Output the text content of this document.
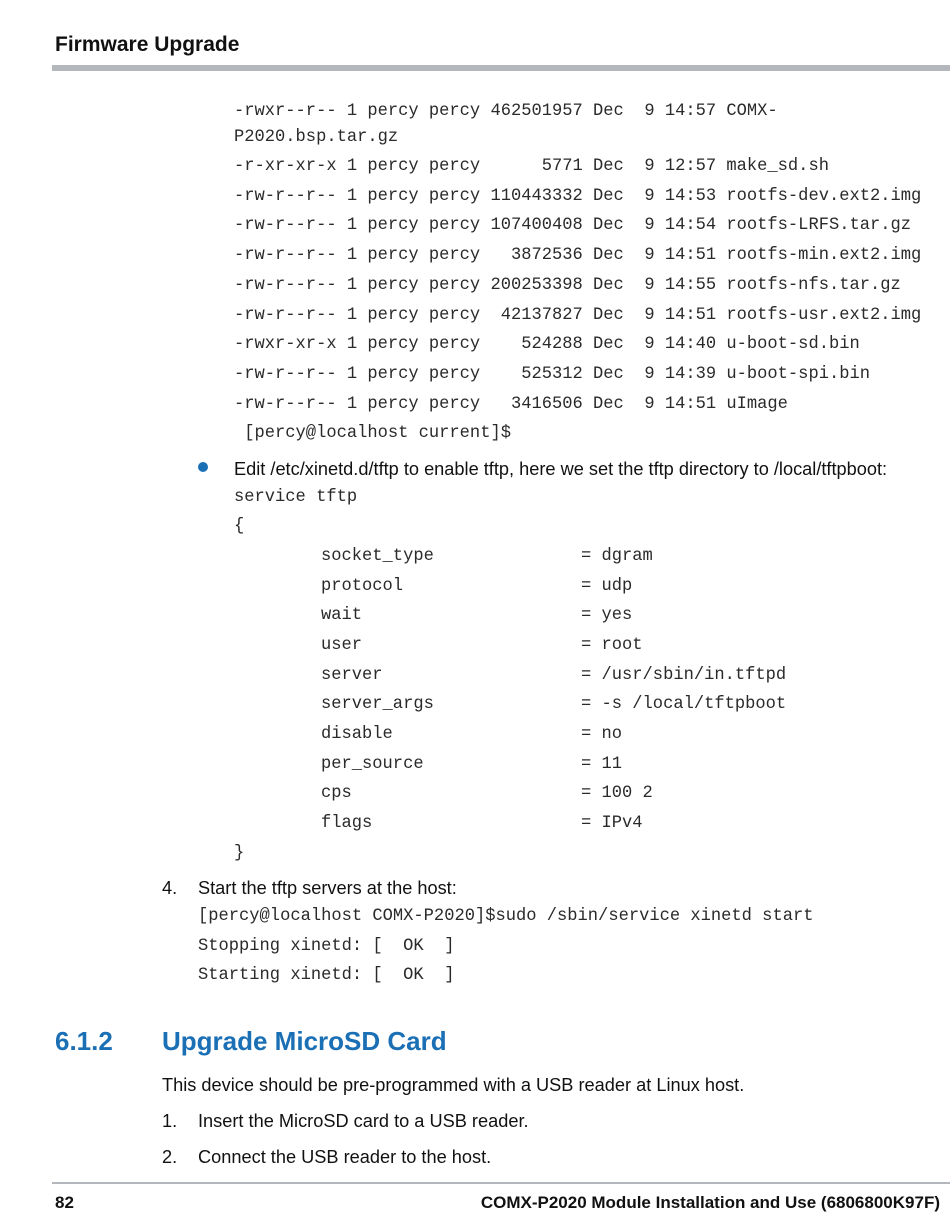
Firmware Upgrade
-rwxr--r-- 1 percy percy 462501957 Dec  9 14:57 COMX-
P2020.bsp.tar.gz
-r-xr-xr-x 1 percy percy      5771 Dec  9 12:57 make_sd.sh
-rw-r--r-- 1 percy percy 110443332 Dec  9 14:53 rootfs-dev.ext2.img
-rw-r--r-- 1 percy percy 107400408 Dec  9 14:54 rootfs-LRFS.tar.gz
-rw-r--r-- 1 percy percy   3872536 Dec  9 14:51 rootfs-min.ext2.img
-rw-r--r-- 1 percy percy 200253398 Dec  9 14:55 rootfs-nfs.tar.gz
-rw-r--r-- 1 percy percy  42137827 Dec  9 14:51 rootfs-usr.ext2.img
-rwxr-xr-x 1 percy percy    524288 Dec  9 14:40 u-boot-sd.bin
-rw-r--r-- 1 percy percy    525312 Dec  9 14:39 u-boot-spi.bin
-rw-r--r-- 1 percy percy   3416506 Dec  9 14:51 uImage
[percy@localhost current]$
Edit /etc/xinetd.d/tftp to enable tftp, here we set the tftp directory to /local/tftpboot:
service tftp
{
socket_type	= dgram
protocol	= udp
wait	= yes
user	= root
server	= /usr/sbin/in.tftpd
server_args	= -s /local/tftpboot
disable	= no
per_source	= 11
cps	= 100 2
flags	= IPv4
}
4. Start the tftp servers at the host:
[percy@localhost COMX-P2020]$sudo /sbin/service xinetd start
Stopping xinetd: [  OK  ]
Starting xinetd: [  OK  ]
6.1.2 Upgrade MicroSD Card
This device should be pre-programmed with a USB reader at Linux host.
1. Insert the MicroSD card to a USB reader.
2. Connect the USB reader to the host.
82	COMX-P2020 Module Installation and Use (6806800K97F)
